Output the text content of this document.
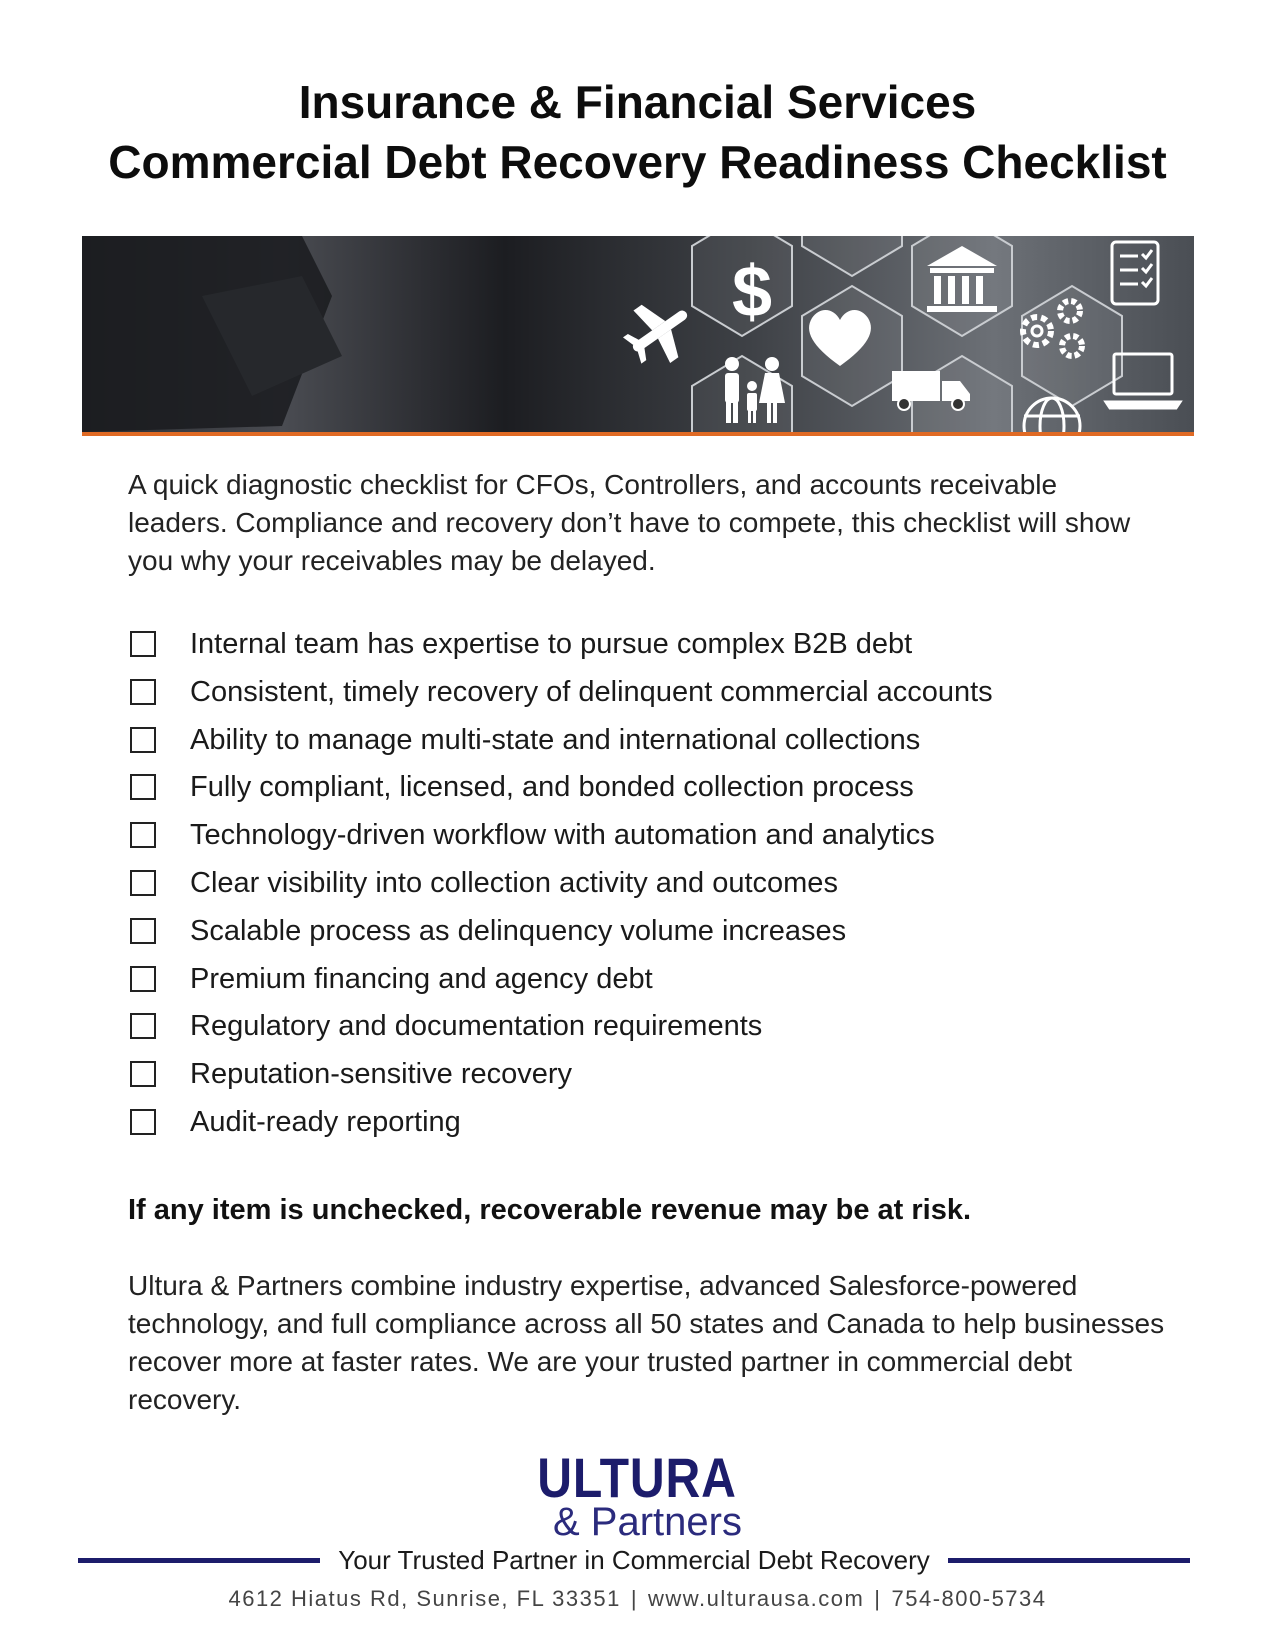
Insurance & Financial Services
Commercial Debt Recovery Readiness Checklist
$
A quick diagnostic checklist for CFOs, Controllers, and accounts receivable leaders. Compliance and recovery don’t have to compete, this checklist will show you why your receivables may be delayed.
Internal team has expertise to pursue complex B2B debt
Consistent, timely recovery of delinquent commercial accounts
Ability to manage multi-state and international collections
Fully compliant, licensed, and bonded collection process
Technology-driven workflow with automation and analytics
Clear visibility into collection activity and outcomes
Scalable process as delinquency volume increases
Premium financing and agency debt
Regulatory and documentation requirements
Reputation-sensitive recovery
Audit-ready reporting
If any item is unchecked, recoverable revenue may be at risk.
Ultura & Partners combine industry expertise, advanced Salesforce-powered technology, and full compliance across all 50 states and Canada to help businesses recover more at faster rates. We are your trusted partner in commercial debt recovery.
ULTURA
& Partners
Your Trusted Partner in Commercial Debt Recovery
4612 Hiatus Rd, Sunrise, FL 33351 | www.ulturausa.com | 754-800-5734
